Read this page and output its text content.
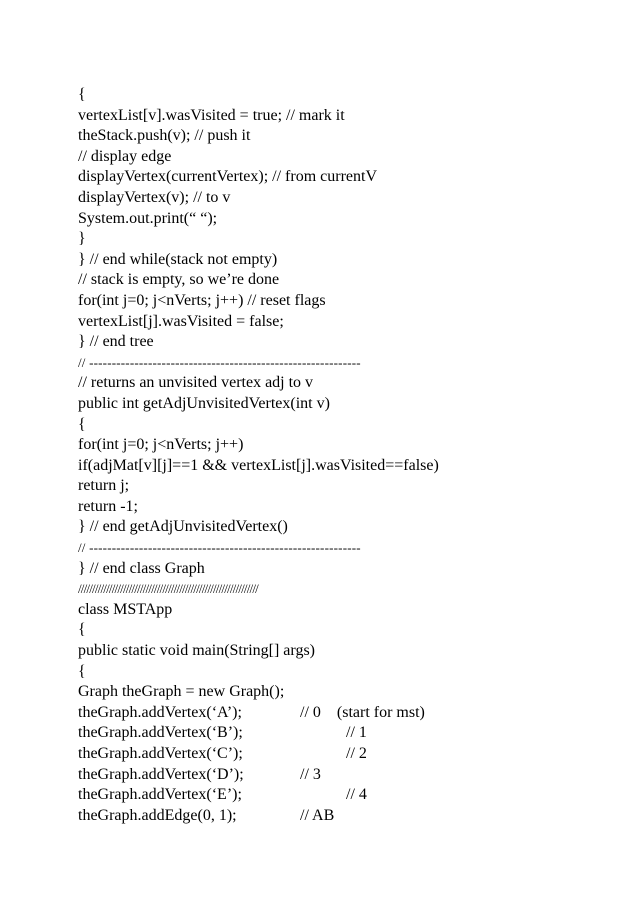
{
vertexList[v].wasVisited = true; // mark it
theStack.push(v); // push it
// display edge
displayVertex(currentVertex); // from currentV
displayVertex(v); // to v
System.out.print(“ “);
}
} // end while(stack not empty)
// stack is empty, so we’re done
for(int j=0; j<nVerts; j++) // reset flags
vertexList[j].wasVisited = false;
} // end tree
// ------------------------------------------------------------
// returns an unvisited vertex adj to v
public int getAdjUnvisitedVertex(int v)
{
for(int j=0; j<nVerts; j++)
if(adjMat[v][j]==1 && vertexList[j].wasVisited==false)
return j;
return -1;
} // end getAdjUnvisitedVertex()
// ------------------------------------------------------------
} // end class Graph
////////////////////////////////////////////////////////////////
class MSTApp
{
public static void main(String[] args)
{
Graph theGraph = new Graph();
theGraph.addVertex(‘A’);	// 0    (start for mst)
theGraph.addVertex(‘B’);	// 1
theGraph.addVertex(‘C’);	// 2
theGraph.addVertex(‘D’);	// 3
theGraph.addVertex(‘E’);	// 4
theGraph.addEdge(0, 1);	// AB
